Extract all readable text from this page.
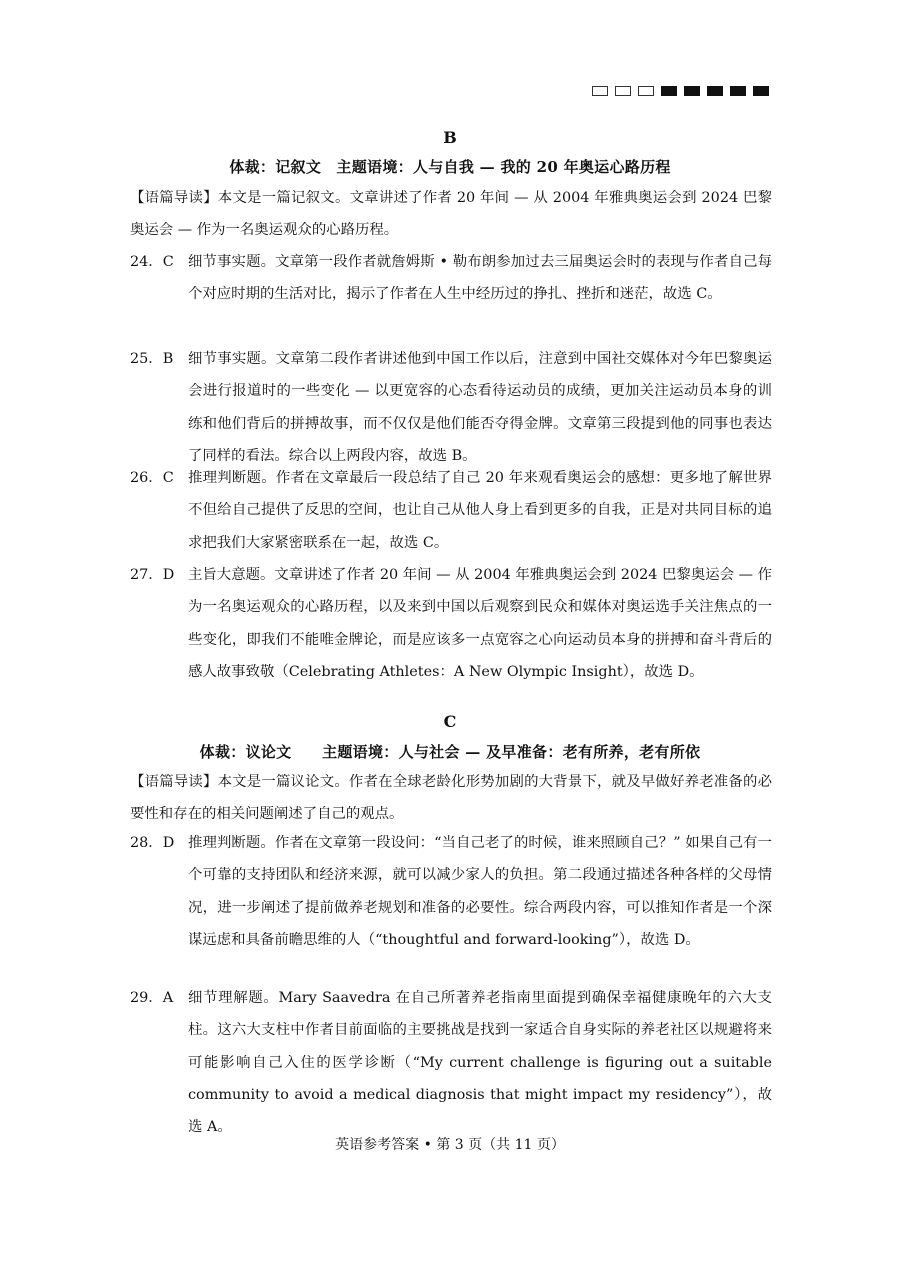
B
体裁：记叙文　主题语境：人与自我 — 我的 20 年奥运心路历程

【语篇导读】本文是一篇记叙文。文章讲述了作者 20 年间 — 从 2004 年雅典奥运会到 2024 巴黎奥运会 — 作为一名奥运观众的心路历程。

24．C 细节事实题。文章第一段作者就詹姆斯 • 勒布朗参加过去三届奥运会时的表现与作者自己每个对应时期的生活对比，揭示了作者在人生中经历过的挣扎、挫折和迷茫，故选 C。
25．B	细节事实题。文章第二段作者讲述他到中国工作以后，注意到中国社交媒体对今年巴黎奥运会进行报道时的一些变化 — 以更宽容的心态看待运动员的成绩，更加关注运动员本身的训练和他们背后的拼搏故事，而不仅仅是他们能否夺得金牌。文章第三段提到他的同事也表达了同样的看法。综合以上两段内容，故选 B。
26．C 推理判断题。作者在文章最后一段总结了自己 20 年来观看奥运会的感想：更多地了解世界不但给自己提供了反思的空间，也让自己从他人身上看到更多的自我，正是对共同目标的追求把我们大家紧密联系在一起，故选 C。
27．D 主旨大意题。文章讲述了作者 20 年间 — 从 2004 年雅典奥运会到 2024 巴黎奥运会 — 作为一名奥运观众的心路历程，以及来到中国以后观察到民众和媒体对奥运选手关注焦点的一些变化，即我们不能唯金牌论，而是应该多一点宽容之心向运动员本身的拼搏和奋斗背后的感人故事致敬（Celebrating Athletes：A New Olympic Insight），故选 D。
C
体裁：议论文　　主题语境：人与社会 — 及早准备：老有所养，老有所依

【语篇导读】本文是一篇议论文。作者在全球老龄化形势加剧的大背景下，就及早做好养老准备的必要性和存在的相关问题阐述了自己的观点。

28．D 推理判断题。作者在文章第一段设问：“当自己老了的时候，谁来照顾自己？” 如果自己有一个可靠的支持团队和经济来源，就可以减少家人的负担。第二段通过描述各种各样的父母情况，进一步阐述了提前做养老规划和准备的必要性。综合两段内容，可以推知作者是一个深谋远虑和具备前瞻思维的人（“thoughtful and forward-looking”），故选 D。
29．A	细节理解题。Mary Saavedra 在自己所著养老指南里面提到确保幸福健康晚年的六大支柱。这六大支柱中作者目前面临的主要挑战是找到一家适合自身实际的养老社区以规避将来可能影响自己入住的医学诊断（“My current challenge is figuring out a suitable community to avoid a medical diagnosis that might impact my residency”），故选 A。
英语参考答案 • 第 3 页（共 11 页）
